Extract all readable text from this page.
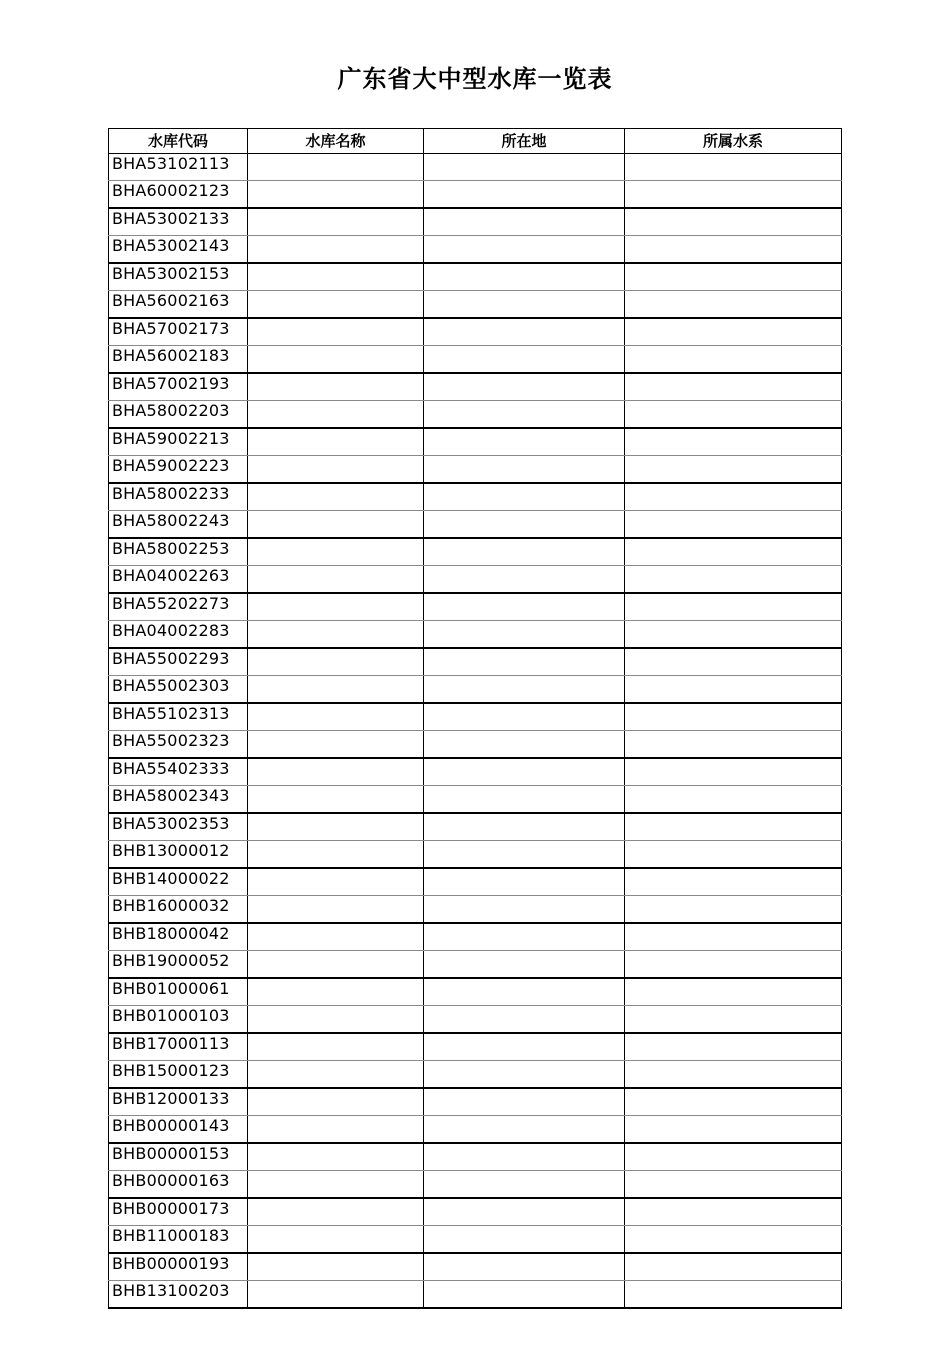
广东省大中型水库一览表
水库代码	水库名称	所在地	所属水系
BHA53102113			
BHA60002123			
BHA53002133			
BHA53002143			
BHA53002153			
BHA56002163			
BHA57002173			
BHA56002183			
BHA57002193			
BHA58002203			
BHA59002213			
BHA59002223			
BHA58002233			
BHA58002243			
BHA58002253			
BHA04002263			
BHA55202273			
BHA04002283			
BHA55002293			
BHA55002303			
BHA55102313			
BHA55002323			
BHA55402333			
BHA58002343			
BHA53002353			
BHB13000012			
BHB14000022			
BHB16000032			
BHB18000042			
BHB19000052			
BHB01000061			
BHB01000103			
BHB17000113			
BHB15000123			
BHB12000133			
BHB00000143			
BHB00000153			
BHB00000163			
BHB00000173			
BHB11000183			
BHB00000193			
BHB13100203			
